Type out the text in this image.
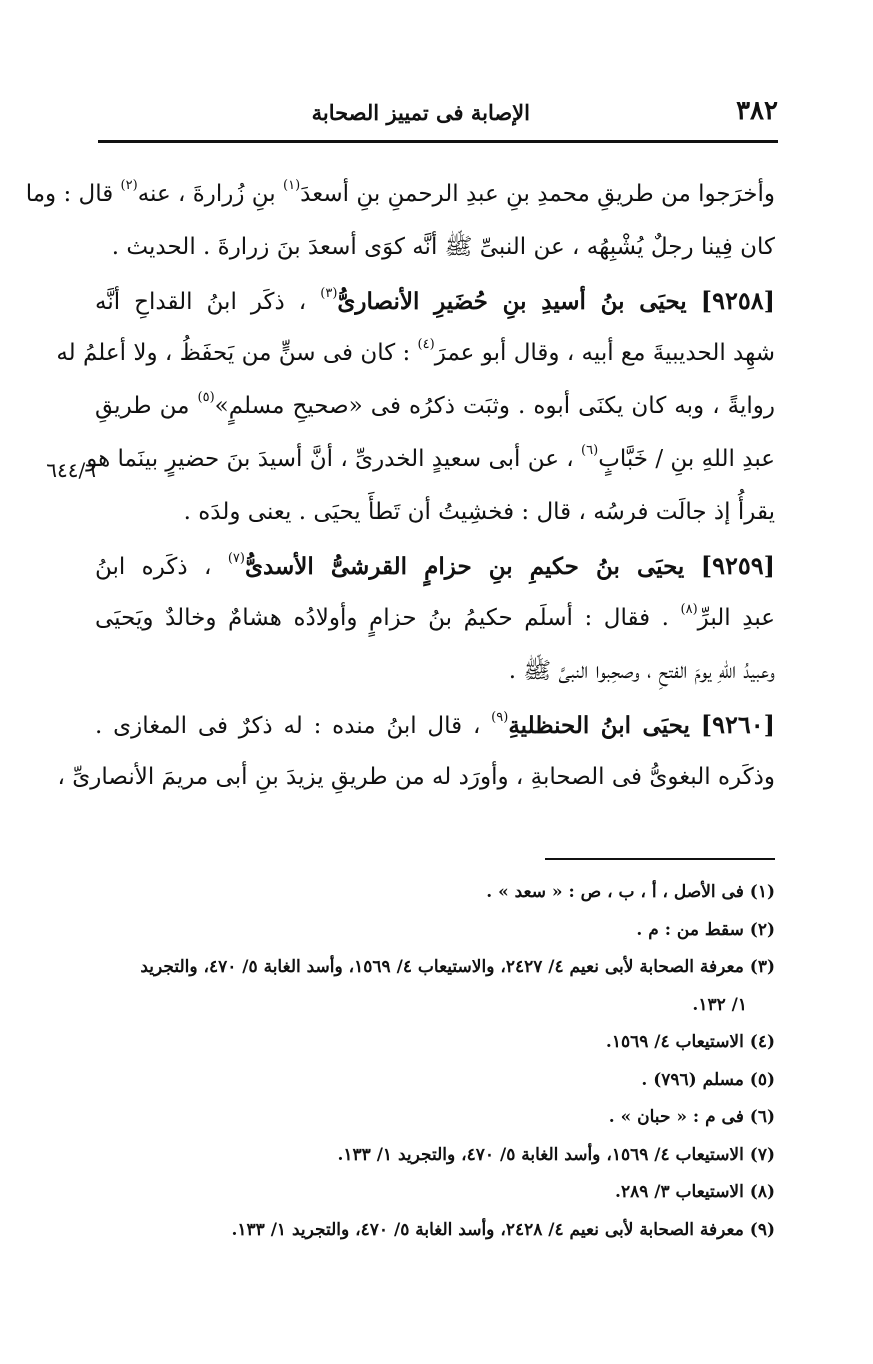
٣٨٢
الإصابة فى تمييز الصحابة
٦٤٤/٦
وأخرَجوا من طريقِ محمدِ بنِ عبدِ الرحمنِ بنِ أسعدَ$^{(١)}$ بنِ زُرارةَ ، عنه$^{(٢)}$ قال : وما
كان فِينا رجلٌ يُشْبِهُه ، عن النبىِّ ﷺ أنَّه كوَى أسعدَ بنَ زرارةَ . الحديث .
[٩٢٥٨] يحيَى بنُ أسيدِ بنِ حُضَيرِ الأنصارىُّ$^{(٣)}$ ، ذكَر ابنُ القداحِ أنَّه
شهِد الحديبيةَ مع أبيه ، وقال أبو عمرَ$^{(٤)}$ : كان فى سنٍّ من يَحفَظُ ، ولا أعلمُ له
روايةً ، وبه كان يكنَى أبوه . وثبَت ذكرُه فى «صحيحِ مسلمٍ»$^{(٥)}$ من طريقِ
عبدِ اللهِ بنِ / خَبَّابٍ$^{(٦)}$ ، عن أبى سعيدٍ الخدرىِّ ، أنَّ أسيدَ بنَ حضيرٍ بينَما هو
يقرأُ إذ جالَت فرسُه ، قال : فخشِيتُ أن تَطأَ يحيَى . يعنى ولدَه .
[٩٢٥٩] يحيَى بنُ حكيمِ بنِ حزامٍ القرشىُّ الأسدىُّ$^{(٧)}$ ، ذكَره ابنُ
عبدِ البرِّ$^{(٨)}$ . فقال : أسلَم حكيمُ بنُ حزامٍ وأولادُه هشامٌ وخالدٌ ويَحيَى
وعبيدُ اللهِ يومَ الفتحِ ، وصحِبوا النبىَّ ﷺ .
[٩٢٦٠] يحيَى ابنُ الحنظليةِ$^{(٩)}$ ، قال ابنُ منده : له ذكرٌ فى المغازى .
وذكَره البغوىُّ فى الصحابةِ ، وأورَد له من طريقِ يزيدَ بنِ أبى مريمَ الأنصارىِّ ،
(١) فى الأصل ، أ ، ب ، ص : « سعد » .
(٢) سقط من : م .
(٣) معرفة الصحابة لأبى نعيم ٤/ ٢٤٢٧، والاستيعاب ٤/ ١٥٦٩، وأسد الغابة ٥/ ٤٧٠، والتجريد
١/ ١٣٢.
(٤) الاستيعاب ٤/ ١٥٦٩.
(٥) مسلم (٧٩٦) .
(٦) فى م : « حبان » .
(٧) الاستيعاب ٤/ ١٥٦٩، وأسد الغابة ٥/ ٤٧٠، والتجريد ١/ ١٣٣.
(٨) الاستيعاب ٣/ ٢٨٩.
(٩) معرفة الصحابة لأبى نعيم ٤/ ٢٤٢٨، وأسد الغابة ٥/ ٤٧٠، والتجريد ١/ ١٣٣.
